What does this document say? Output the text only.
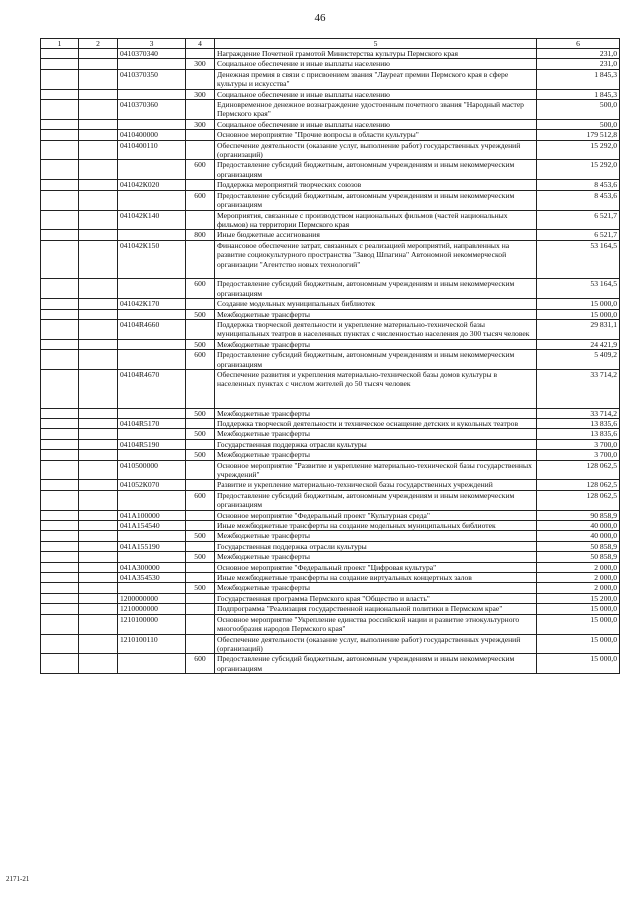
46
1	2	3	4	5	6
		0410370340		Награждение Почетной грамотой Министерства культуры Пермского края	231,0
			300	Социальное обеспечение и иные выплаты населению	231,0
		0410370350		Денежная премия в связи с присвоением звания "Лауреат премии Пермского края в сфере культуры и искусства"	1 845,3
			300	Социальное обеспечение и иные выплаты населению	1 845,3
		0410370360		Единовременное денежное вознаграждение удостоенным почетного звания "Народный мастер Пермского края"	500,0
			300	Социальное обеспечение и иные выплаты населению	500,0
		0410400000		Основное мероприятие "Прочие вопросы в области культуры"	179 512,8
		0410400110		Обеспечение деятельности (оказание услуг, выполнение работ) государственных учреждений (организаций)	15 292,0
			600	Предоставление субсидий бюджетным, автономным учреждениям и иным некоммерческим организациям	15 292,0
		041042К020		Поддержка мероприятий творческих союзов	8 453,6
			600	Предоставление субсидий бюджетным, автономным учреждениям и иным некоммерческим организациям	8 453,6
		041042К140		Мероприятия, связанные с производством национальных фильмов (частей национальных фильмов) на территории Пермского края	6 521,7
			800	Иные бюджетные ассигнования	6 521,7
		041042К150		Финансовое обеспечение затрат, связанных с реализацией мероприятий, направленных на развитие социокультурного пространства "Завод Шпагина" Автономной некоммерческой организации "Агентство новых технологий"	53 164,5
			600	Предоставление субсидий бюджетным, автономным учреждениям и иным некоммерческим организациям	53 164,5
		041042К170		Создание модельных муниципальных библиотек	15 000,0
			500	Межбюджетные трансферты	15 000,0
		04104R4660		Поддержка творческой деятельности и укрепление материально-технической базы муниципальных театров в населенных пунктах с численностью населения до 300 тысяч человек	29 831,1
			500	Межбюджетные трансферты	24 421,9
			600	Предоставление субсидий бюджетным, автономным учреждениям и иным некоммерческим организациям	5 409,2
		04104R4670		Обеспечение развития и укрепления материально-технической базы домов культуры в населенных пунктах с числом жителей до 50 тысяч человек	33 714,2
			500	Межбюджетные трансферты	33 714,2
		04104R5170		Поддержка творческой деятельности и техническое оснащение детских и кукольных театров	13 835,6
			500	Межбюджетные трансферты	13 835,6
		04104R5190		Государственная поддержка отрасли культуры	3 700,0
			500	Межбюджетные трансферты	3 700,0
		0410500000		Основное мероприятие "Развитие и укрепление материально-технической базы государственных учреждений"	128 062,5
		041052К070		Развитие и укрепление материально-технической базы государственных учреждений	128 062,5
			600	Предоставление субсидий бюджетным, автономным учреждениям и иным некоммерческим организациям	128 062,5
		041A100000		Основное мероприятие "Федеральный проект "Культурная среда"	90 858,9
		041A154540		Иные межбюджетные трансферты на создание модельных муниципальных библиотек	40 000,0
			500	Межбюджетные трансферты	40 000,0
		041A155190		Государственная поддержка отрасли культуры	50 858,9
			500	Межбюджетные трансферты	50 858,9
		041A300000		Основное мероприятие "Федеральный проект "Цифровая культура"	2 000,0
		041A354530		Иные межбюджетные трансферты на создание виртуальных концертных залов	2 000,0
			500	Межбюджетные трансферты	2 000,0
		1200000000		Государственная программа Пермского края "Общество и власть"	15 200,0
		1210000000		Подпрограмма "Реализация государственной национальной политики в Пермском крае"	15 000,0
		1210100000		Основное мероприятие "Укрепление единства российской нации и развитие этнокультурного многообразия народов Пермского края"	15 000,0
		1210100110		Обеспечение деятельности (оказание услуг, выполнение работ) государственных учреждений (организаций)	15 000,0
			600	Предоставление субсидий бюджетным, автономным учреждениям и иным некоммерческим организациям	15 000,0
2171-21
